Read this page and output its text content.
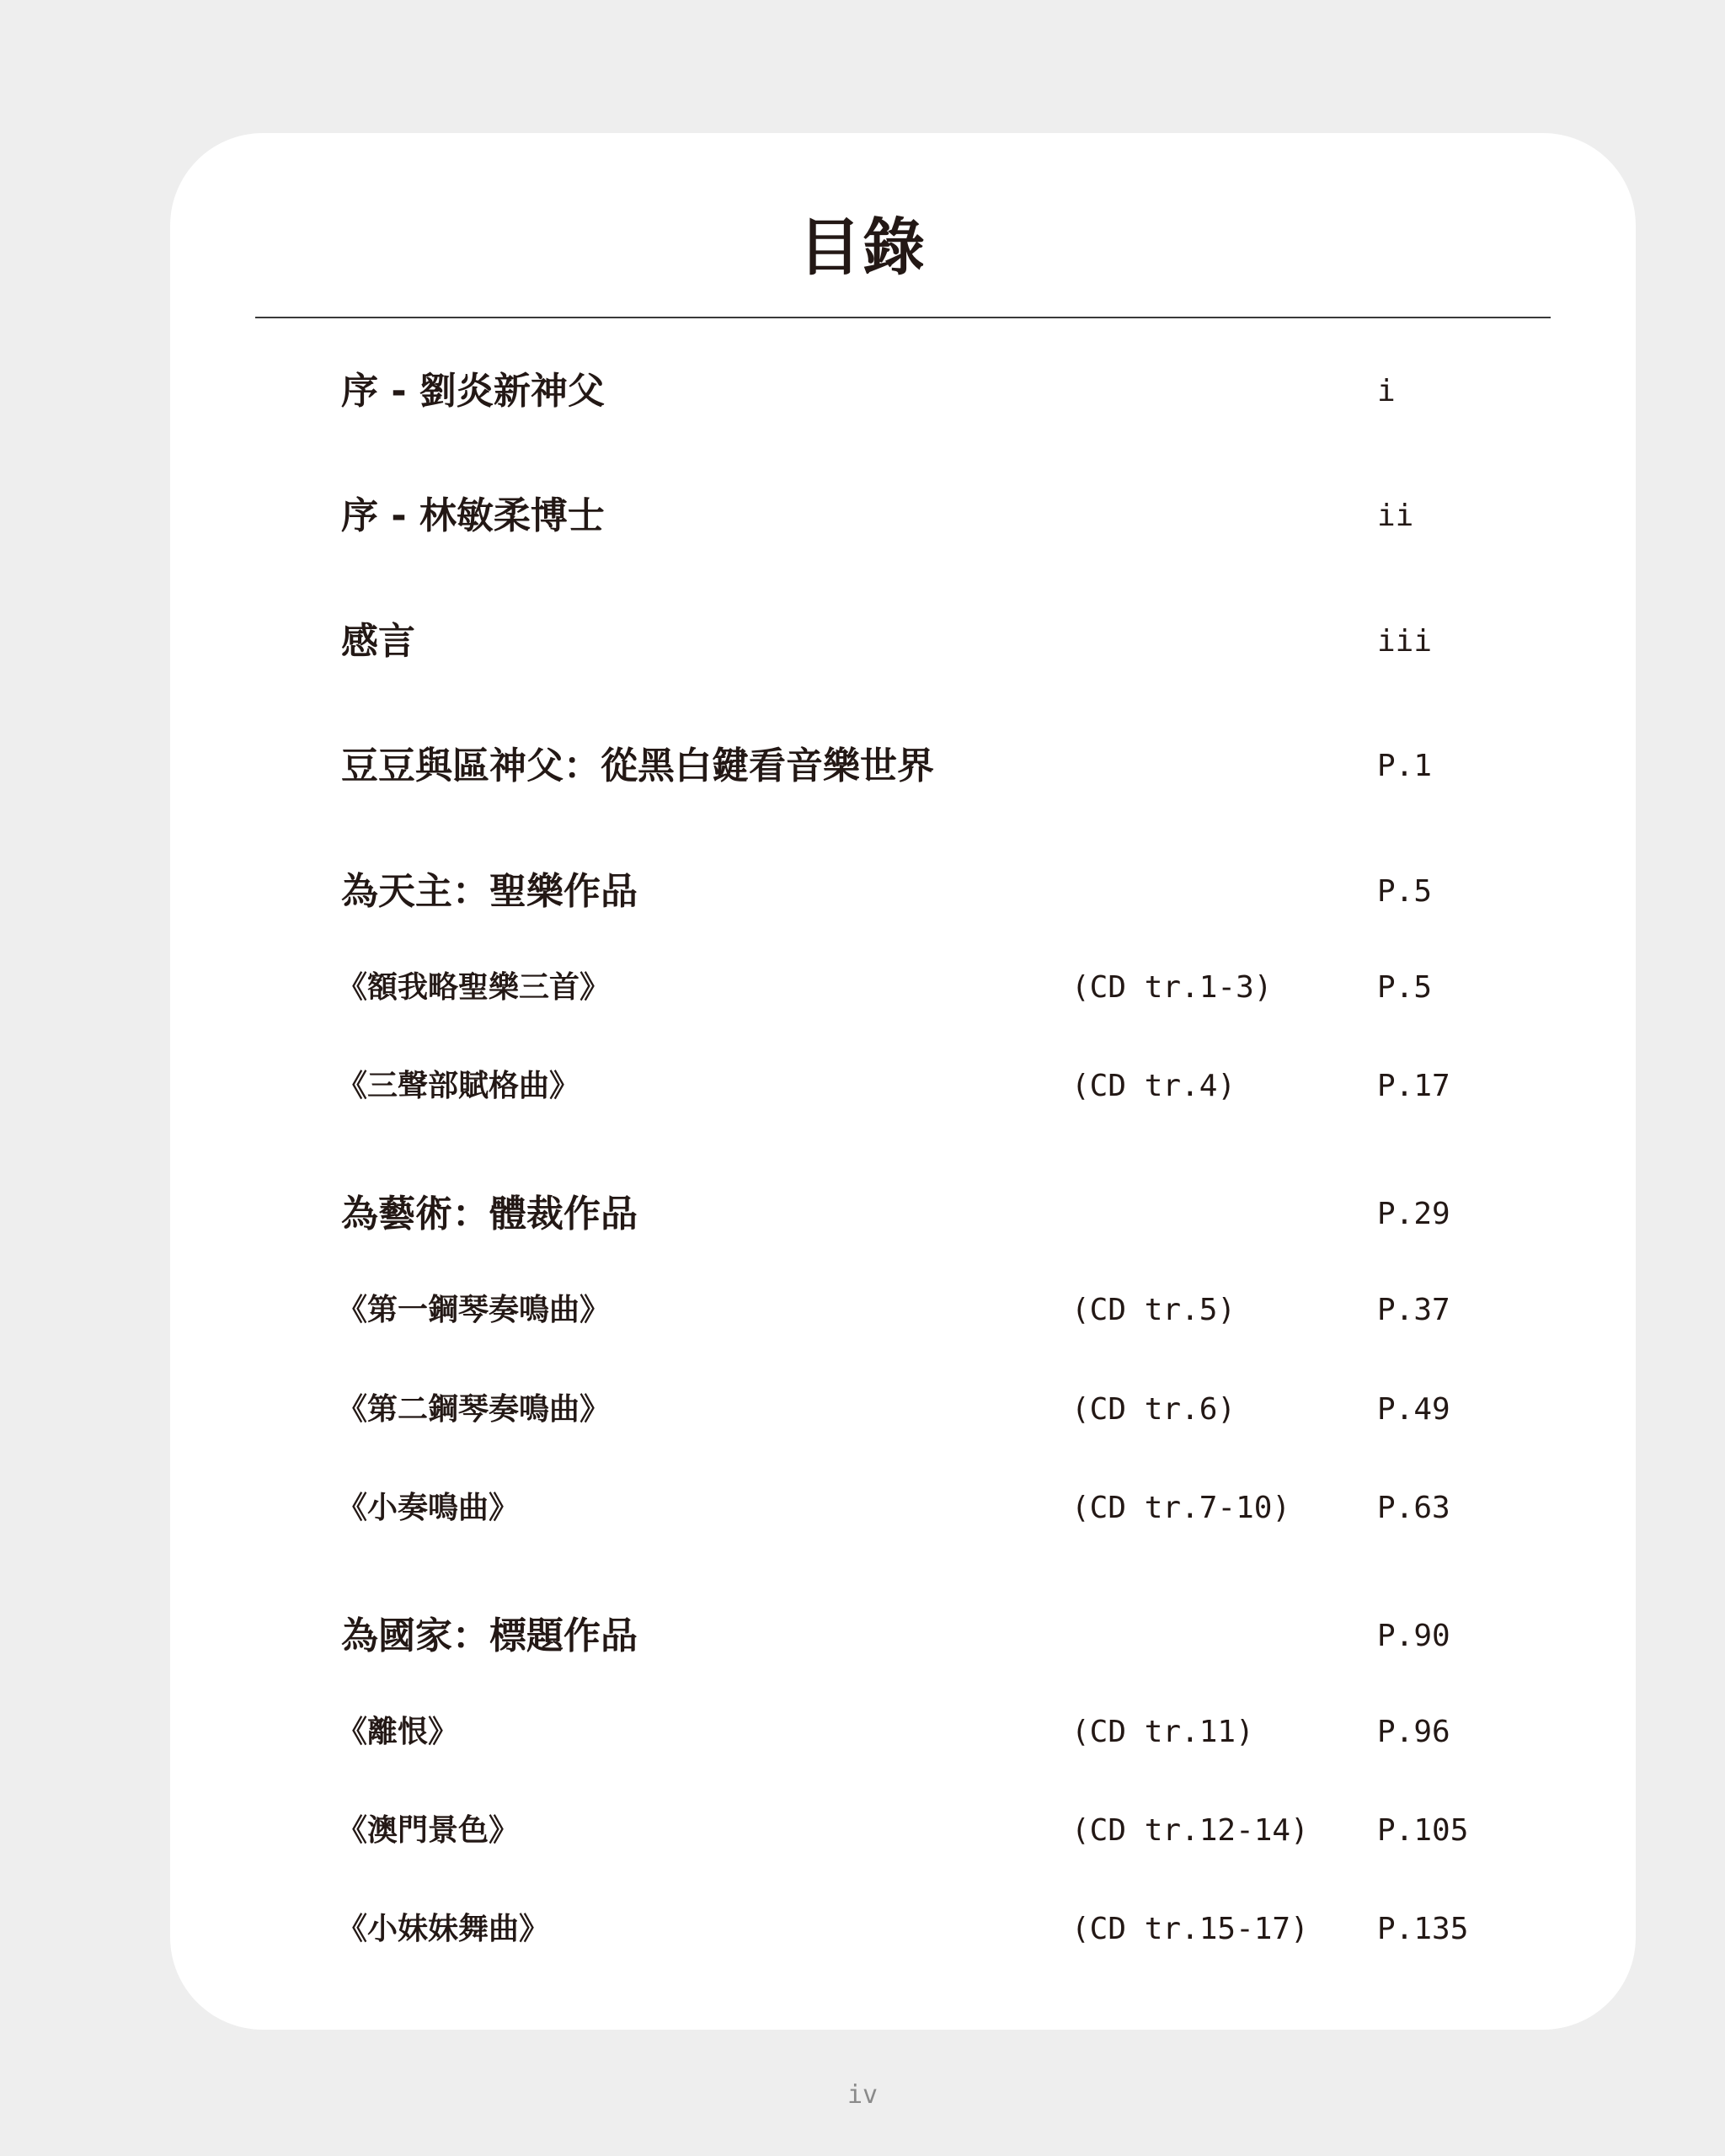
目錄
序 - 劉炎新神父	i
序 - 林敏柔博士	ii
感言	iii
豆豆與區神父：從黑白鍵看音樂世界	P.1
為天主：聖樂作品	P.5
《額我略聖樂三首》	(CD tr.1-3)	P.5
《三聲部賦格曲》	(CD tr.4)	P.17
為藝術：體裁作品	P.29
《第一鋼琴奏鳴曲》	(CD tr.5)	P.37
《第二鋼琴奏鳴曲》	(CD tr.6)	P.49
《小奏鳴曲》	(CD tr.7-10)	P.63
為國家：標題作品	P.90
《離恨》	(CD tr.11)	P.96
《澳門景色》	(CD tr.12-14) P.105
《小妹妹舞曲》	(CD tr.15-17) P.135
iv
